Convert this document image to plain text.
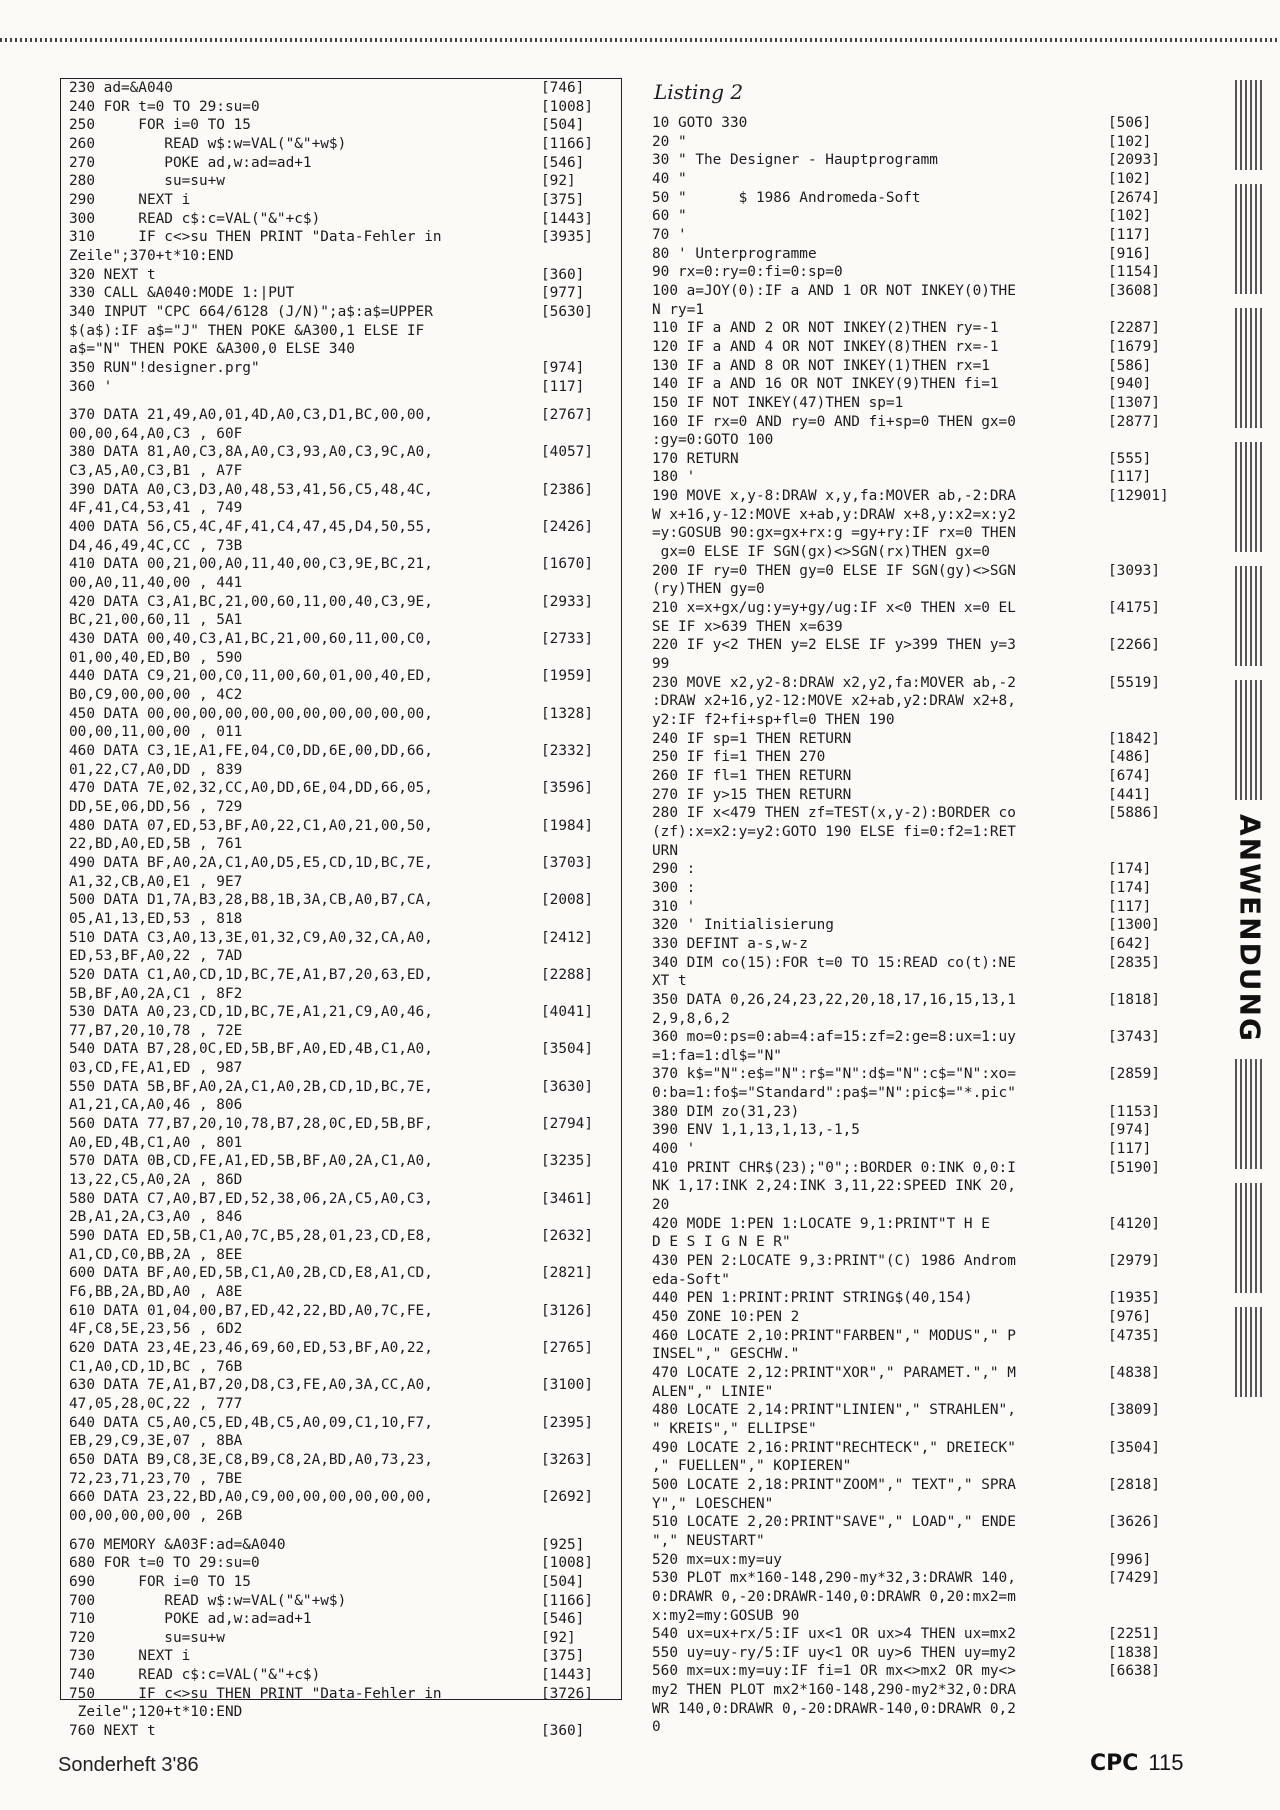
230 ad=&A040	[746]
240 FOR t=0 TO 29:su=0	[1008]
250     FOR i=0 TO 15	[504]
260        READ w$:w=VAL("&"+w$)	[1166]
270        POKE ad,w:ad=ad+1	[546]
280        su=su+w	[92]
290     NEXT i	[375]
300     READ c$:c=VAL("&"+c$)	[1443]
310     IF c<>su THEN PRINT "Data-Fehler in	[3935]
Zeile";370+t*10:END
320 NEXT t	[360]
330 CALL &A040:MODE 1:|PUT	[977]
340 INPUT "CPC 664/6128 (J/N)";a$:a$=UPPER	[5630]
$(a$):IF a$="J" THEN POKE &A300,1 ELSE IF
a$="N" THEN POKE &A300,0 ELSE 340
350 RUN"!designer.prg"	[974]
360 '	[117]
370 DATA 21,49,A0,01,4D,A0,C3,D1,BC,00,00,	[2767]
00,00,64,A0,C3 , 60F
380 DATA 81,A0,C3,8A,A0,C3,93,A0,C3,9C,A0,	[4057]
C3,A5,A0,C3,B1 , A7F
390 DATA A0,C3,D3,A0,48,53,41,56,C5,48,4C,	[2386]
4F,41,C4,53,41 , 749
400 DATA 56,C5,4C,4F,41,C4,47,45,D4,50,55,	[2426]
D4,46,49,4C,CC , 73B
410 DATA 00,21,00,A0,11,40,00,C3,9E,BC,21,	[1670]
00,A0,11,40,00 , 441
420 DATA C3,A1,BC,21,00,60,11,00,40,C3,9E,	[2933]
BC,21,00,60,11 , 5A1
430 DATA 00,40,C3,A1,BC,21,00,60,11,00,C0,	[2733]
01,00,40,ED,B0 , 590
440 DATA C9,21,00,C0,11,00,60,01,00,40,ED,	[1959]
B0,C9,00,00,00 , 4C2
450 DATA 00,00,00,00,00,00,00,00,00,00,00,	[1328]
00,00,11,00,00 , 011
460 DATA C3,1E,A1,FE,04,C0,DD,6E,00,DD,66,	[2332]
01,22,C7,A0,DD , 839
470 DATA 7E,02,32,CC,A0,DD,6E,04,DD,66,05,	[3596]
DD,5E,06,DD,56 , 729
480 DATA 07,ED,53,BF,A0,22,C1,A0,21,00,50,	[1984]
22,BD,A0,ED,5B , 761
490 DATA BF,A0,2A,C1,A0,D5,E5,CD,1D,BC,7E,	[3703]
A1,32,CB,A0,E1 , 9E7
500 DATA D1,7A,B3,28,B8,1B,3A,CB,A0,B7,CA,	[2008]
05,A1,13,ED,53 , 818
510 DATA C3,A0,13,3E,01,32,C9,A0,32,CA,A0,	[2412]
ED,53,BF,A0,22 , 7AD
520 DATA C1,A0,CD,1D,BC,7E,A1,B7,20,63,ED,	[2288]
5B,BF,A0,2A,C1 , 8F2
530 DATA A0,23,CD,1D,BC,7E,A1,21,C9,A0,46,	[4041]
77,B7,20,10,78 , 72E
540 DATA B7,28,0C,ED,5B,BF,A0,ED,4B,C1,A0,	[3504]
03,CD,FE,A1,ED , 987
550 DATA 5B,BF,A0,2A,C1,A0,2B,CD,1D,BC,7E,	[3630]
A1,21,CA,A0,46 , 806
560 DATA 77,B7,20,10,78,B7,28,0C,ED,5B,BF,	[2794]
A0,ED,4B,C1,A0 , 801
570 DATA 0B,CD,FE,A1,ED,5B,BF,A0,2A,C1,A0,	[3235]
13,22,C5,A0,2A , 86D
580 DATA C7,A0,B7,ED,52,38,06,2A,C5,A0,C3,	[3461]
2B,A1,2A,C3,A0 , 846
590 DATA ED,5B,C1,A0,7C,B5,28,01,23,CD,E8,	[2632]
A1,CD,C0,BB,2A , 8EE
600 DATA BF,A0,ED,5B,C1,A0,2B,CD,E8,A1,CD,	[2821]
F6,BB,2A,BD,A0 , A8E
610 DATA 01,04,00,B7,ED,42,22,BD,A0,7C,FE,	[3126]
4F,C8,5E,23,56 , 6D2
620 DATA 23,4E,23,46,69,60,ED,53,BF,A0,22,	[2765]
C1,A0,CD,1D,BC , 76B
630 DATA 7E,A1,B7,20,D8,C3,FE,A0,3A,CC,A0,	[3100]
47,05,28,0C,22 , 777
640 DATA C5,A0,C5,ED,4B,C5,A0,09,C1,10,F7,	[2395]
EB,29,C9,3E,07 , 8BA
650 DATA B9,C8,3E,C8,B9,C8,2A,BD,A0,73,23,	[3263]
72,23,71,23,70 , 7BE
660 DATA 23,22,BD,A0,C9,00,00,00,00,00,00,	[2692]
00,00,00,00,00 , 26B
670 MEMORY &A03F:ad=&A040	[925]
680 FOR t=0 TO 29:su=0	[1008]
690     FOR i=0 TO 15	[504]
700        READ w$:w=VAL("&"+w$)	[1166]
710        POKE ad,w:ad=ad+1	[546]
720        su=su+w	[92]
730     NEXT i	[375]
740     READ c$:c=VAL("&"+c$)	[1443]
750     IF c<>su THEN PRINT "Data-Fehler in	[3726]
Zeile";120+t*10:END
760 NEXT t	[360]
Listing 2
10 GOTO 330	[506]
20 "	[102]
30 " The Designer - Hauptprogramm	[2093]
40 "	[102]
50 "      $ 1986 Andromeda-Soft	[2674]
60 "	[102]
70 '	[117]
80 ' Unterprogramme	[916]
90 rx=0:ry=0:fi=0:sp=0	[1154]
100 a=JOY(0):IF a AND 1 OR NOT INKEY(0)THE	[3608]
N ry=1
110 IF a AND 2 OR NOT INKEY(2)THEN ry=-1	[2287]
120 IF a AND 4 OR NOT INKEY(8)THEN rx=-1	[1679]
130 IF a AND 8 OR NOT INKEY(1)THEN rx=1	[586]
140 IF a AND 16 OR NOT INKEY(9)THEN fi=1	[940]
150 IF NOT INKEY(47)THEN sp=1	[1307]
160 IF rx=0 AND ry=0 AND fi+sp=0 THEN gx=0	[2877]
:gy=0:GOTO 100
170 RETURN	[555]
180 '	[117]
190 MOVE x,y-8:DRAW x,y,fa:MOVER ab,-2:DRA	[12901]
W x+16,y-12:MOVE x+ab,y:DRAW x+8,y:x2=x:y2
=y:GOSUB 90:gx=gx+rx:g =gy+ry:IF rx=0 THEN
gx=0 ELSE IF SGN(gx)<>SGN(rx)THEN gx=0
200 IF ry=0 THEN gy=0 ELSE IF SGN(gy)<>SGN	[3093]
(ry)THEN gy=0
210 x=x+gx/ug:y=y+gy/ug:IF x<0 THEN x=0 EL	[4175]
SE IF x>639 THEN x=639
220 IF y<2 THEN y=2 ELSE IF y>399 THEN y=3	[2266]
99
230 MOVE x2,y2-8:DRAW x2,y2,fa:MOVER ab,-2	[5519]
:DRAW x2+16,y2-12:MOVE x2+ab,y2:DRAW x2+8,
y2:IF f2+fi+sp+fl=0 THEN 190
240 IF sp=1 THEN RETURN	[1842]
250 IF fi=1 THEN 270	[486]
260 IF fl=1 THEN RETURN	[674]
270 IF y>15 THEN RETURN	[441]
280 IF x<479 THEN zf=TEST(x,y-2):BORDER co	[5886]
(zf):x=x2:y=y2:GOTO 190 ELSE fi=0:f2=1:RET
URN
290 :	[174]
300 :	[174]
310 '	[117]
320 ' Initialisierung	[1300]
330 DEFINT a-s,w-z	[642]
340 DIM co(15):FOR t=0 TO 15:READ co(t):NE	[2835]
XT t
350 DATA 0,26,24,23,22,20,18,17,16,15,13,1	[1818]
2,9,8,6,2
360 mo=0:ps=0:ab=4:af=15:zf=2:ge=8:ux=1:uy	[3743]
=1:fa=1:dl$="N"
370 k$="N":e$="N":r$="N":d$="N":c$="N":xo=	[2859]
0:ba=1:fo$="Standard":pa$="N":pic$="*.pic"
380 DIM zo(31,23)	[1153]
390 ENV 1,1,13,1,13,-1,5	[974]
400 '	[117]
410 PRINT CHR$(23);"0";:BORDER 0:INK 0,0:I	[5190]
NK 1,17:INK 2,24:INK 3,11,22:SPEED INK 20,
20
420 MODE 1:PEN 1:LOCATE 9,1:PRINT"T H E	[4120]
D E S I G N E R"
430 PEN 2:LOCATE 9,3:PRINT"(C) 1986 Androm	[2979]
eda-Soft"
440 PEN 1:PRINT:PRINT STRING$(40,154)	[1935]
450 ZONE 10:PEN 2	[976]
460 LOCATE 2,10:PRINT"FARBEN"," MODUS"," P	[4735]
INSEL"," GESCHW."
470 LOCATE 2,12:PRINT"XOR"," PARAMET."," M	[4838]
ALEN"," LINIE"
480 LOCATE 2,14:PRINT"LINIEN"," STRAHLEN",	[3809]
" KREIS"," ELLIPSE"
490 LOCATE 2,16:PRINT"RECHTECK"," DREIECK"	[3504]
," FUELLEN"," KOPIEREN"
500 LOCATE 2,18:PRINT"ZOOM"," TEXT"," SPRA	[2818]
Y"," LOESCHEN"
510 LOCATE 2,20:PRINT"SAVE"," LOAD"," ENDE	[3626]
"," NEUSTART"
520 mx=ux:my=uy	[996]
530 PLOT mx*160-148,290-my*32,3:DRAWR 140,	[7429]
0:DRAWR 0,-20:DRAWR-140,0:DRAWR 0,20:mx2=m
x:my2=my:GOSUB 90
540 ux=ux+rx/5:IF ux<1 OR ux>4 THEN ux=mx2	[2251]
550 uy=uy-ry/5:IF uy<1 OR uy>6 THEN uy=my2	[1838]
560 mx=ux:my=uy:IF fi=1 OR mx<>mx2 OR my<>	[6638]
my2 THEN PLOT mx2*160-148,290-my2*32,0:DRA
WR 140,0:DRAWR 0,-20:DRAWR-140,0:DRAWR 0,2
0
ANWENDUNG
Sonderheft 3'86	CPC 115
